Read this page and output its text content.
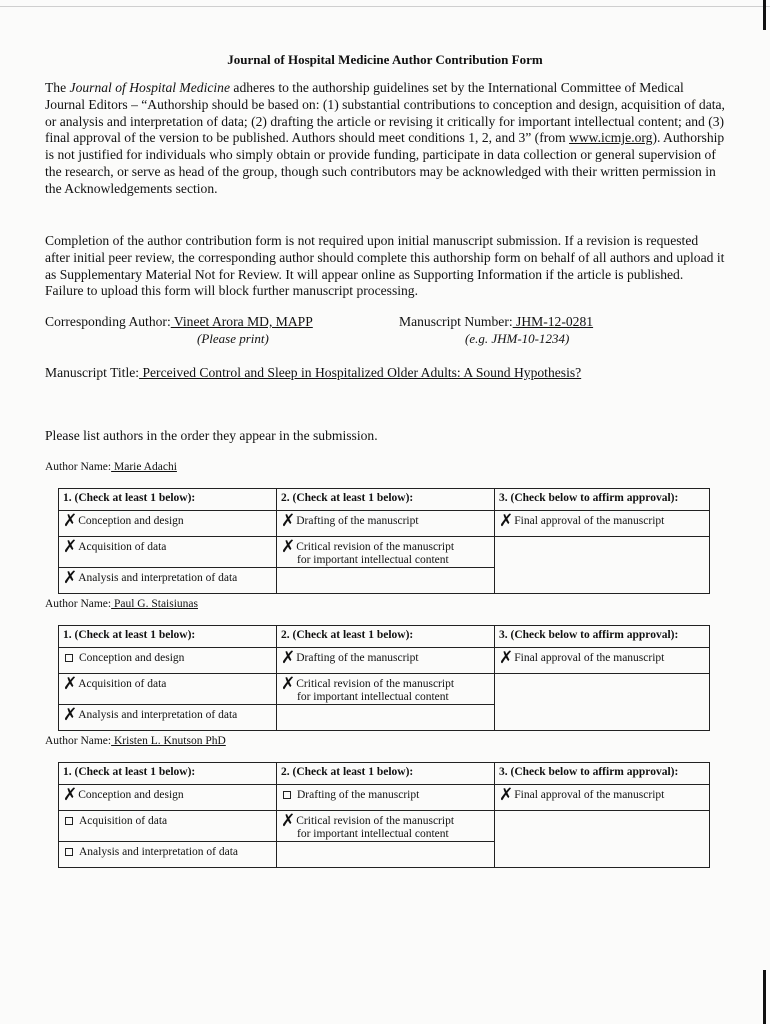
Journal of Hospital Medicine Author Contribution Form
The Journal of Hospital Medicine adheres to the authorship guidelines set by the International Committee of Medical Journal Editors – “Authorship should be based on: (1) substantial contributions to conception and design, acquisition of data, or analysis and interpretation of data; (2) drafting the article or revising it critically for important intellectual content; and (3) final approval of the version to be published. Authors should meet conditions 1, 2, and 3” (from www.icmje.org). Authorship is not justified for individuals who simply obtain or provide funding, participate in data collection or general supervision of the research, or serve as head of the group, though such contributors may be acknowledged with their written permission in the Acknowledgements section.
Completion of the author contribution form is not required upon initial manuscript submission. If a revision is requested after initial peer review, the corresponding author should complete this authorship form on behalf of all authors and upload it as Supplementary Material Not for Review. It will appear online as Supporting Information if the article is published. Failure to upload this form will block further manuscript processing.
Corresponding Author: Vineet Arora MD, MAPP
(Please print)
Manuscript Number: JHM-12-0281
(e.g. JHM-10-1234)
Manuscript Title: Perceived Control and Sleep in Hospitalized Older Adults: A Sound Hypothesis?
Please list authors in the order they appear in the submission.
Author Name: Marie Adachi
1. (Check at least 1 below):	2. (Check at least 1 below):	3. (Check below to affirm approval):
✗Conception and design	✗Drafting of the manuscript	✗Final approval of the manuscript
✗Acquisition of data	✗Critical revision of the manuscript
for important intellectual content	

✗Analysis and interpretation of data		
Author Name: Paul G. Staisiunas
1. (Check at least 1 below):	2. (Check at least 1 below):	3. (Check below to affirm approval):
Conception and design	✗Drafting of the manuscript	✗Final approval of the manuscript
✗Acquisition of data	✗Critical revision of the manuscript
for important intellectual content	

✗Analysis and interpretation of data		
Author Name: Kristen L. Knutson PhD
1. (Check at least 1 below):	2. (Check at least 1 below):	3. (Check below to affirm approval):
✗Conception and design	Drafting of the manuscript	✗Final approval of the manuscript
Acquisition of data	✗Critical revision of the manuscript
for important intellectual content	

Analysis and interpretation of data		
